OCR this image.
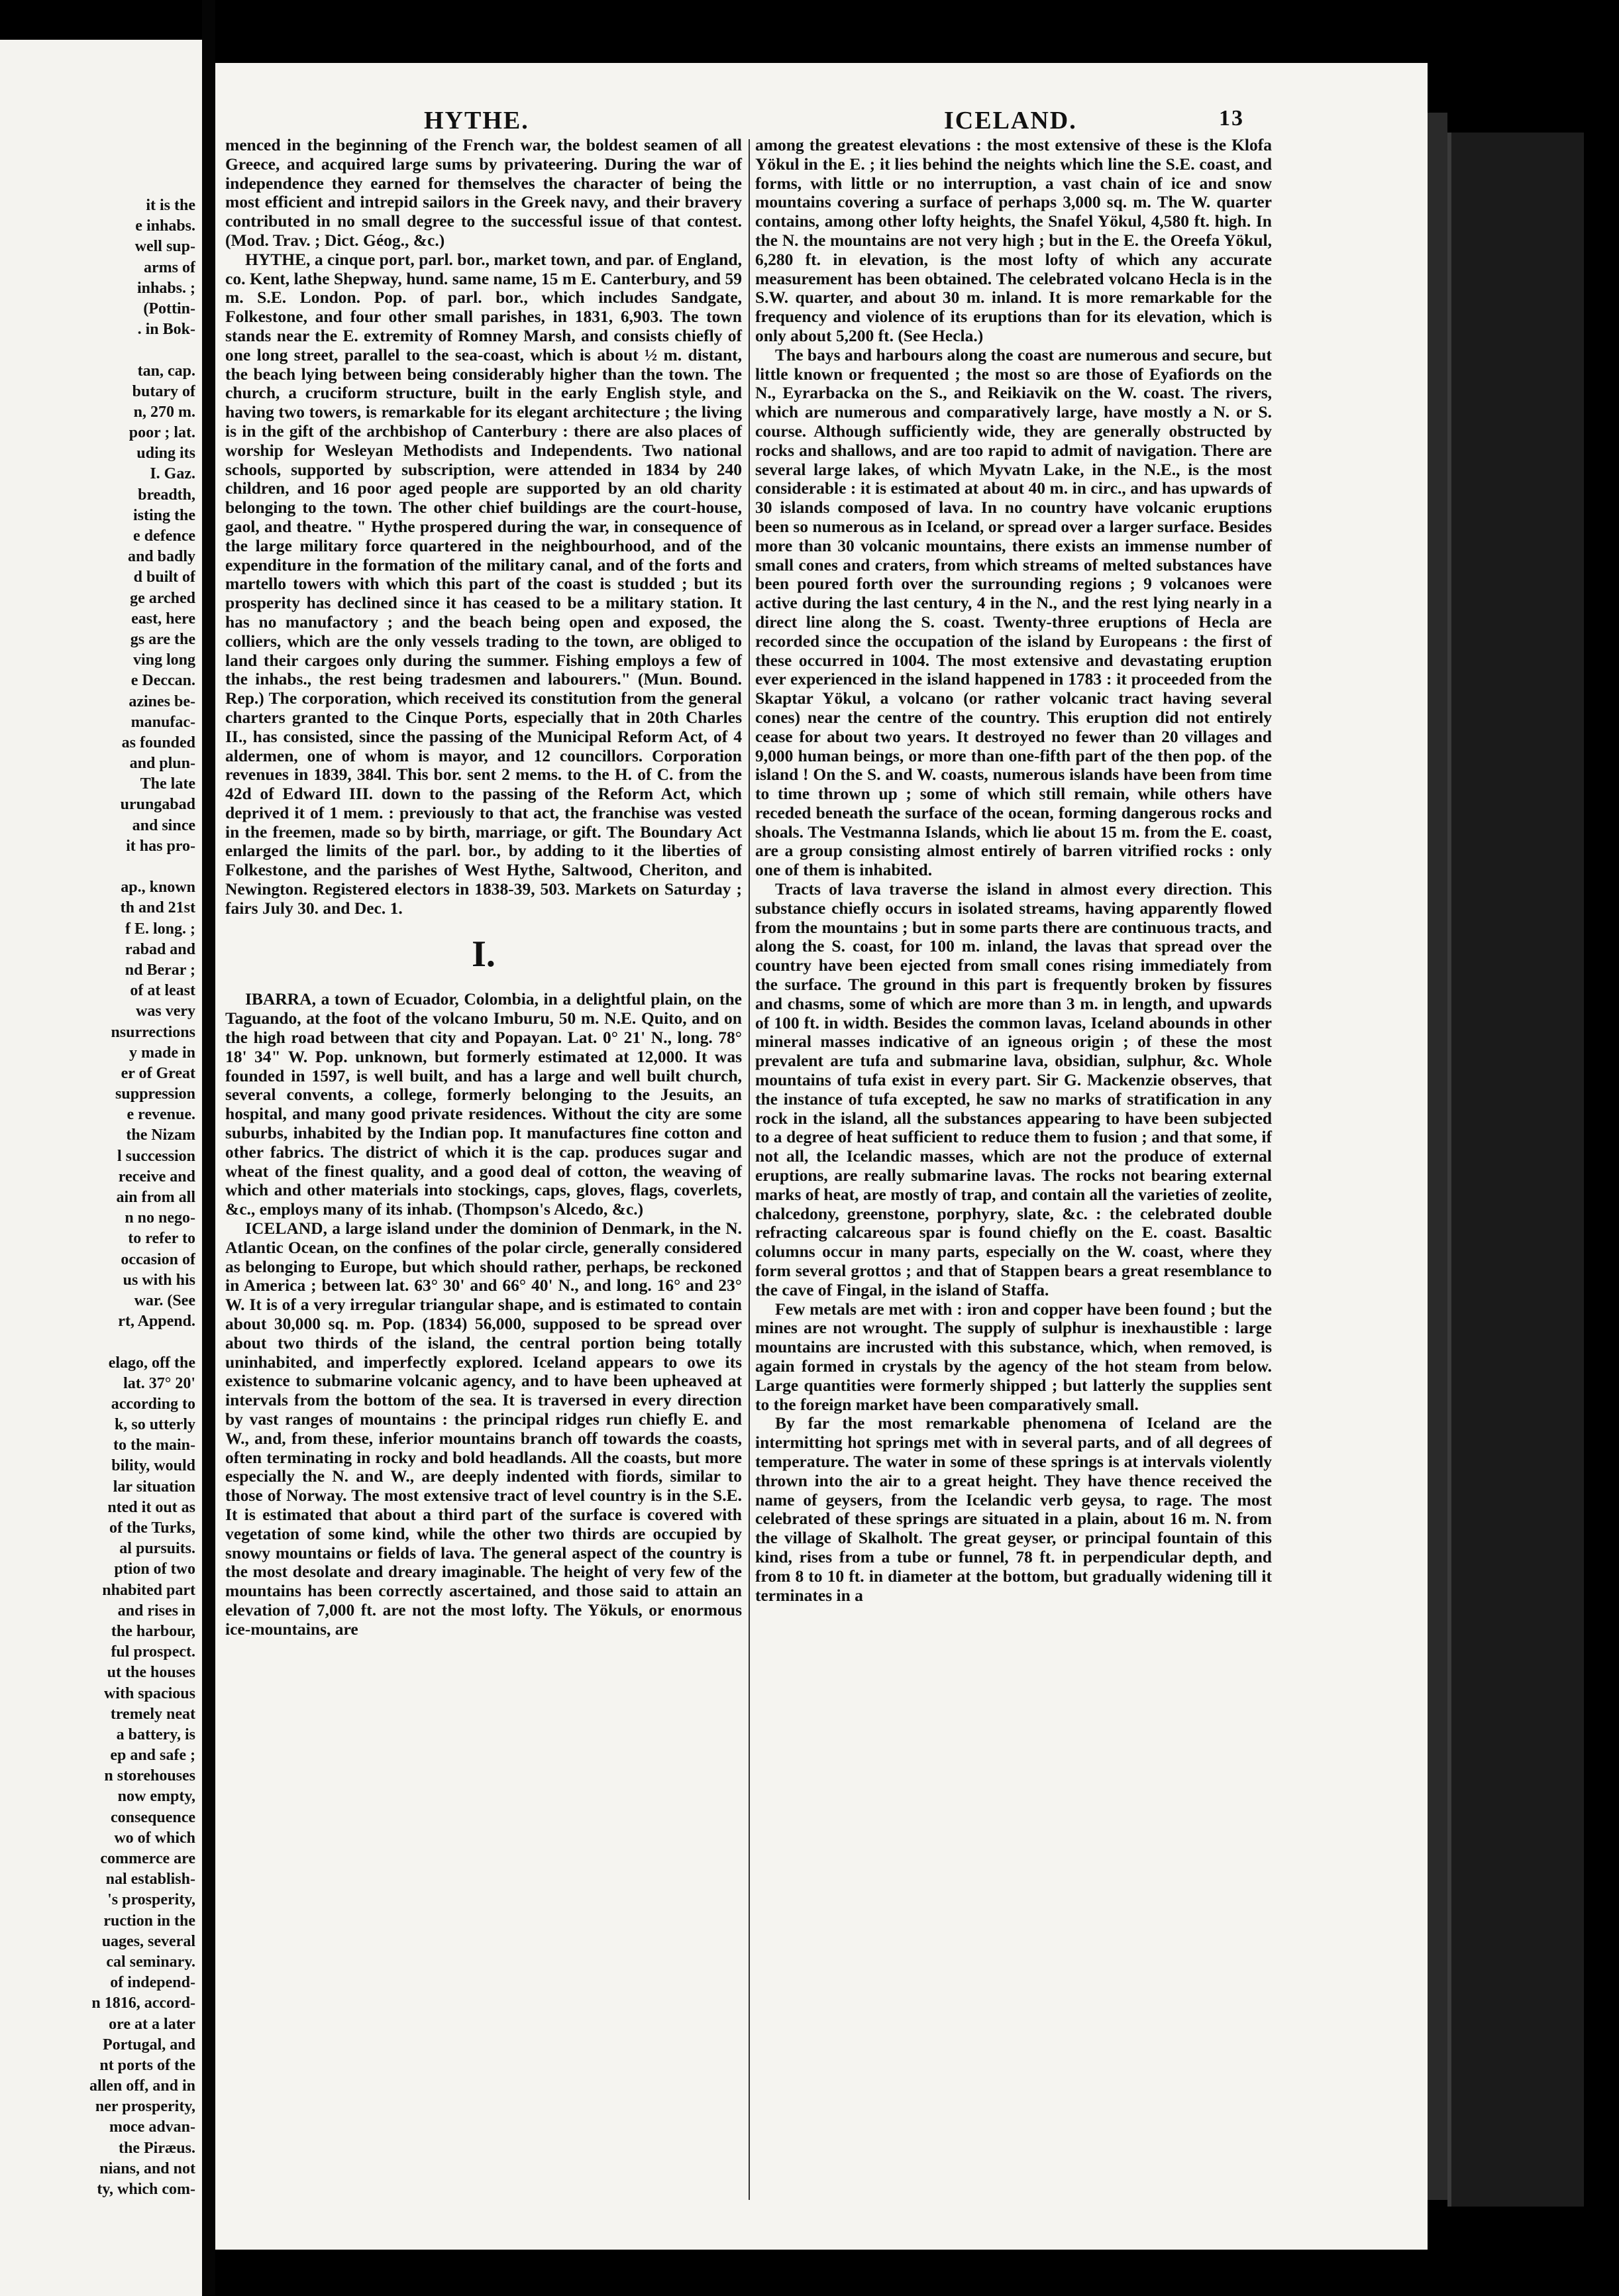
it is the
e inhabs.
well sup-
arms of
inhabs. ;
(Pottin-
. in Bok-
tan, cap.
butary of
n, 270 m.
poor ; lat.
uding its
I. Gaz.
breadth,
isting the
e defence
and badly
d built of
ge arched
east, here
gs are the
ving long
e Deccan.
azines be-
manufac-
as founded
and plun-
The late
urungabad
and since
it has pro-
ap., known
th and 21st
f E. long. ;
rabad and
nd Berar ;
of at least
was very
nsurrections
y made in
er of Great
suppression
e revenue.
the Nizam
l succession
receive and
ain from all
n no nego-
to refer to
occasion of
us with his
war. (See
rt, Append.
elago, off the
lat. 37° 20'
according to
k, so utterly
to the main-
bility, would
lar situation
nted it out as
of the Turks,
al pursuits.
ption of two
nhabited part
and rises in
the harbour,
ful prospect.
ut the houses
with spacious
tremely neat
a battery, is
ep and safe ;
n storehouses
now empty,
consequence
wo of which
commerce are
nal establish-
's prosperity,
ruction in the
uages, several
cal seminary.
of independ-
n 1816, accord-
ore at a later
Portugal, and
nt ports of the
allen off, and in
ner prosperity,
moce advan-
the Piræus.
nians, and not
ty, which com-
HYTHE.	ICELAND.	13

menced in the beginning of the French war, the boldest seamen of all Greece, and acquired large sums by privateering. During the war of independence they earned for themselves the character of being the most efficient and intrepid sailors in the Greek navy, and their bravery contributed in no small degree to the successful issue of that contest. (Mod. Trav. ; Dict. Géog., &c.)

HYTHE, a cinque port, parl. bor., market town, and par. of England, co. Kent, lathe Shepway, hund. same name, 15 m E. Canterbury, and 59 m. S.E. London. Pop. of parl. bor., which includes Sandgate, Folkestone, and four other small parishes, in 1831, 6,903. The town stands near the E. extremity of Romney Marsh, and consists chiefly of one long street, parallel to the sea-coast, which is about ½ m. distant, the beach lying between being considerably higher than the town. The church, a cruciform structure, built in the early English style, and having two towers, is remarkable for its elegant architecture ; the living is in the gift of the archbishop of Canterbury : there are also places of worship for Wesleyan Methodists and Independents. Two national schools, supported by subscription, were attended in 1834 by 240 children, and 16 poor aged people are supported by an old charity belonging to the town. The other chief buildings are the court-house, gaol, and theatre. " Hythe prospered during the war, in consequence of the large military force quartered in the neighbourhood, and of the expenditure in the formation of the military canal, and of the forts and martello towers with which this part of the coast is studded ; but its prosperity has declined since it has ceased to be a military station. It has no manufactory ; and the beach being open and exposed, the colliers, which are the only vessels trading to the town, are obliged to land their cargoes only during the summer. Fishing employs a few of the inhabs., the rest being tradesmen and labourers." (Mun. Bound. Rep.) The corporation, which received its constitution from the general charters granted to the Cinque Ports, especially that in 20th Charles II., has consisted, since the passing of the Municipal Reform Act, of 4 aldermen, one of whom is mayor, and 12 councillors. Corporation revenues in 1839, 384l. This bor. sent 2 mems. to the H. of C. from the 42d of Edward III. down to the passing of the Reform Act, which deprived it of 1 mem. : previously to that act, the franchise was vested in the freemen, made so by birth, marriage, or gift. The Boundary Act enlarged the limits of the parl. bor., by adding to it the liberties of Folkestone, and the parishes of West Hythe, Saltwood, Cheriton, and Newington. Registered electors in 1838-39, 503. Markets on Saturday ; fairs July 30. and Dec. 1.

I.

IBARRA, a town of Ecuador, Colombia, in a delightful plain, on the Taguando, at the foot of the volcano Imburu, 50 m. N.E. Quito, and on the high road between that city and Popayan. Lat. 0° 21' N., long. 78° 18' 34" W. Pop. unknown, but formerly estimated at 12,000. It was founded in 1597, is well built, and has a large and well built church, several convents, a college, formerly belonging to the Jesuits, an hospital, and many good private residences. Without the city are some suburbs, inhabited by the Indian pop. It manufactures fine cotton and other fabrics. The district of which it is the cap. produces sugar and wheat of the finest quality, and a good deal of cotton, the weaving of which and other materials into stockings, caps, gloves, flags, coverlets, &c., employs many of its inhab. (Thompson's Alcedo, &c.)

ICELAND, a large island under the dominion of Denmark, in the N. Atlantic Ocean, on the confines of the polar circle, generally considered as belonging to Europe, but which should rather, perhaps, be reckoned in America ; between lat. 63° 30' and 66° 40' N., and long. 16° and 23° W. It is of a very irregular triangular shape, and is estimated to contain about 30,000 sq. m. Pop. (1834) 56,000, supposed to be spread over about two thirds of the island, the central portion being totally uninhabited, and imperfectly explored. Iceland appears to owe its existence to submarine volcanic agency, and to have been upheaved at intervals from the bottom of the sea. It is traversed in every direction by vast ranges of mountains : the principal ridges run chiefly E. and W., and, from these, inferior mountains branch off towards the coasts, often terminating in rocky and bold headlands. All the coasts, but more especially the N. and W., are deeply indented with fiords, similar to those of Norway. The most extensive tract of level country is in the S.E. It is estimated that about a third part of the surface is covered with vegetation of some kind, while the other two thirds are occupied by snowy mountains or fields of lava. The general aspect of the country is the most desolate and dreary imaginable. The height of very few of the mountains has been correctly ascertained, and those said to attain an elevation of 7,000 ft. are not the most lofty. The Yökuls, or enormous ice-mountains, are

among the greatest elevations : the most extensive of these is the Klofa Yökul in the E. ; it lies behind the neights which line the S.E. coast, and forms, with little or no interruption, a vast chain of ice and snow mountains covering a surface of perhaps 3,000 sq. m. The W. quarter contains, among other lofty heights, the Snafel Yökul, 4,580 ft. high. In the N. the mountains are not very high ; but in the E. the Oreefa Yökul, 6,280 ft. in elevation, is the most lofty of which any accurate measurement has been obtained. The celebrated volcano Hecla is in the S.W. quarter, and about 30 m. inland. It is more remarkable for the frequency and violence of its eruptions than for its elevation, which is only about 5,200 ft. (See Hecla.)

The bays and harbours along the coast are numerous and secure, but little known or frequented ; the most so are those of Eyafiords on the N., Eyrarbacka on the S., and Reikiavik on the W. coast. The rivers, which are numerous and comparatively large, have mostly a N. or S. course. Although sufficiently wide, they are generally obstructed by rocks and shallows, and are too rapid to admit of navigation. There are several large lakes, of which Myvatn Lake, in the N.E., is the most considerable : it is estimated at about 40 m. in circ., and has upwards of 30 islands composed of lava. In no country have volcanic eruptions been so numerous as in Iceland, or spread over a larger surface. Besides more than 30 volcanic mountains, there exists an immense number of small cones and craters, from which streams of melted substances have been poured forth over the surrounding regions ; 9 volcanoes were active during the last century, 4 in the N., and the rest lying nearly in a direct line along the S. coast. Twenty-three eruptions of Hecla are recorded since the occupation of the island by Europeans : the first of these occurred in 1004. The most extensive and devastating eruption ever experienced in the island happened in 1783 : it proceeded from the Skaptar Yökul, a volcano (or rather volcanic tract having several cones) near the centre of the country. This eruption did not entirely cease for about two years. It destroyed no fewer than 20 villages and 9,000 human beings, or more than one-fifth part of the then pop. of the island ! On the S. and W. coasts, numerous islands have been from time to time thrown up ; some of which still remain, while others have receded beneath the surface of the ocean, forming dangerous rocks and shoals. The Vestmanna Islands, which lie about 15 m. from the E. coast, are a group consisting almost entirely of barren vitrified rocks : only one of them is inhabited.

Tracts of lava traverse the island in almost every direction. This substance chiefly occurs in isolated streams, having apparently flowed from the mountains ; but in some parts there are continuous tracts, and along the S. coast, for 100 m. inland, the lavas that spread over the country have been ejected from small cones rising immediately from the surface. The ground in this part is frequently broken by fissures and chasms, some of which are more than 3 m. in length, and upwards of 100 ft. in width. Besides the common lavas, Iceland abounds in other mineral masses indicative of an igneous origin ; of these the most prevalent are tufa and submarine lava, obsidian, sulphur, &c. Whole mountains of tufa exist in every part. Sir G. Mackenzie observes, that the instance of tufa excepted, he saw no marks of stratification in any rock in the island, all the substances appearing to have been subjected to a degree of heat sufficient to reduce them to fusion ; and that some, if not all, the Icelandic masses, which are not the produce of external eruptions, are really submarine lavas. The rocks not bearing external marks of heat, are mostly of trap, and contain all the varieties of zeolite, chalcedony, greenstone, porphyry, slate, &c. : the celebrated double refracting calcareous spar is found chiefly on the E. coast. Basaltic columns occur in many parts, especially on the W. coast, where they form several grottos ; and that of Stappen bears a great resemblance to the cave of Fingal, in the island of Staffa.

Few metals are met with : iron and copper have been found ; but the mines are not wrought. The supply of sulphur is inexhaustible : large mountains are incrusted with this substance, which, when removed, is again formed in crystals by the agency of the hot steam from below. Large quantities were formerly shipped ; but latterly the supplies sent to the foreign market have been comparatively small.

By far the most remarkable phenomena of Iceland are the intermitting hot springs met with in several parts, and of all degrees of temperature. The water in some of these springs is at intervals violently thrown into the air to a great height. They have thence received the name of geysers, from the Icelandic verb geysa, to rage. The most celebrated of these springs are situated in a plain, about 16 m. N. from the village of Skalholt. The great geyser, or principal fountain of this kind, rises from a tube or funnel, 78 ft. in perpendicular depth, and from 8 to 10 ft. in diameter at the bottom, but gradually widening till it terminates in a
